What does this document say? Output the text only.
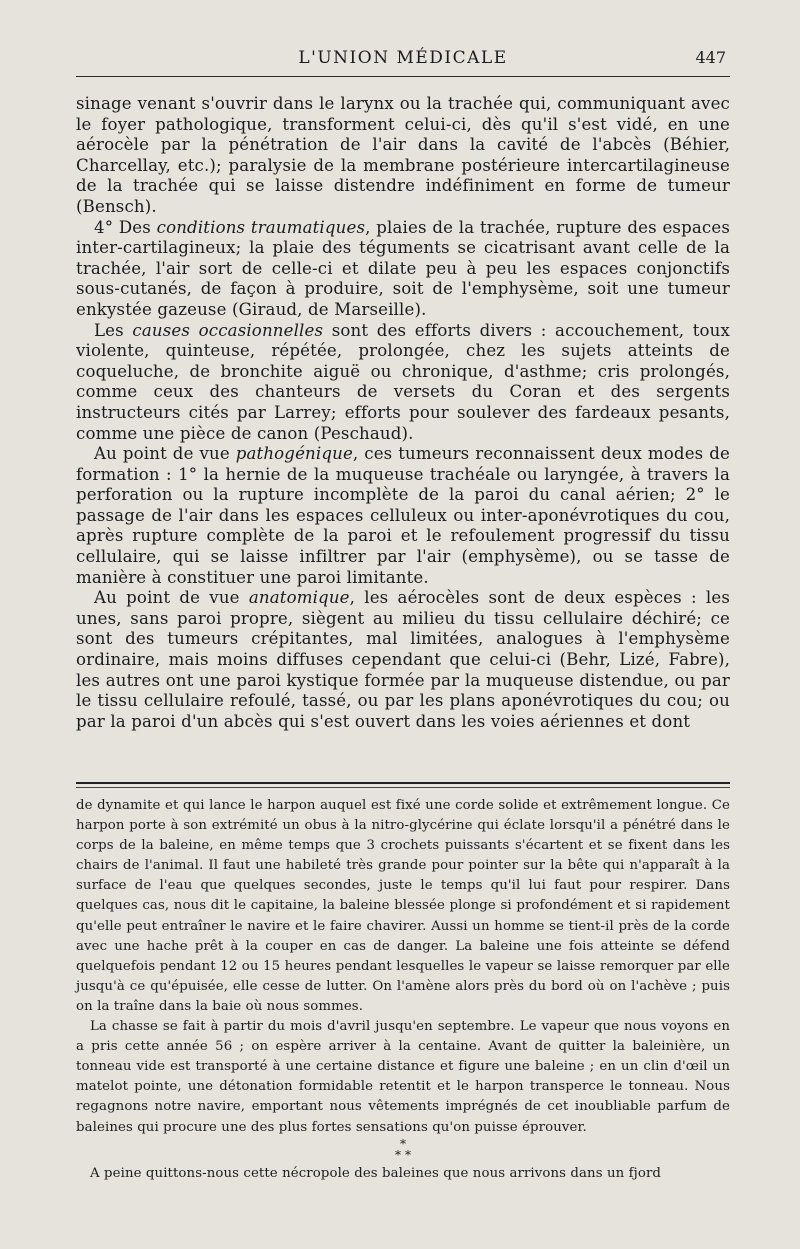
L'UNION MÉDICALE	447

sinage venant s'ouvrir dans le larynx ou la trachée qui, communiquant avec le foyer pathologique, transforment celui-ci, dès qu'il s'est vidé, en une aérocèle par la pénétration de l'air dans la cavité de l'abcès (Béhier, Charcellay, etc.); paralysie de la membrane postérieure intercartilagineuse de la trachée qui se laisse distendre indéfiniment en forme de tumeur (Bensch).

4° Des conditions traumatiques, plaies de la trachée, rupture des espaces inter-cartilagineux; la plaie des téguments se cicatrisant avant celle de la trachée, l'air sort de celle-ci et dilate peu à peu les espaces conjonctifs sous-cutanés, de façon à produire, soit de l'emphysème, soit une tumeur enkystée gazeuse (Giraud, de Marseille).

Les causes occasionnelles sont des efforts divers : accouchement, toux violente, quinteuse, répétée, prolongée, chez les sujets atteints de coqueluche, de bronchite aiguë ou chronique, d'asthme; cris prolongés, comme ceux des chanteurs de versets du Coran et des sergents instructeurs cités par Larrey; efforts pour soulever des fardeaux pesants, comme une pièce de canon (Peschaud).

Au point de vue pathogénique, ces tumeurs reconnaissent deux modes de formation : 1° la hernie de la muqueuse trachéale ou laryngée, à travers la perforation ou la rupture incomplète de la paroi du canal aérien; 2° le passage de l'air dans les espaces celluleux ou inter-aponévrotiques du cou, après rupture complète de la paroi et le refoulement progressif du tissu cellulaire, qui se laisse infiltrer par l'air (emphysème), ou se tasse de manière à constituer une paroi limitante.

Au point de vue anatomique, les aérocèles sont de deux espèces : les unes, sans paroi propre, siègent au milieu du tissu cellulaire déchiré; ce sont des tumeurs crépitantes, mal limitées, analogues à l'emphysème ordinaire, mais moins diffuses cependant que celui-ci (Behr, Lizé, Fabre), les autres ont une paroi kystique formée par la muqueuse distendue, ou par le tissu cellulaire refoulé, tassé, ou par les plans aponévrotiques du cou; ou par la paroi d'un abcès qui s'est ouvert dans les voies aériennes et dont

de dynamite et qui lance le harpon auquel est fixé une corde solide et extrêmement longue. Ce harpon porte à son extrémité un obus à la nitro-glycérine qui éclate lorsqu'il a pénétré dans le corps de la baleine, en même temps que 3 crochets puissants s'écartent et se fixent dans les chairs de l'animal. Il faut une habileté très grande pour pointer sur la bête qui n'apparaît à la surface de l'eau que quelques secondes, juste le temps qu'il lui faut pour respirer. Dans quelques cas, nous dit le capitaine, la baleine blessée plonge si profondément et si rapidement qu'elle peut entraîner le navire et le faire chavirer. Aussi un homme se tient-il près de la corde avec une hache prêt à la couper en cas de danger. La baleine une fois atteinte se défend quelquefois pendant 12 ou 15 heures pendant lesquelles le vapeur se laisse remorquer par elle jusqu'à ce qu'épuisée, elle cesse de lutter. On l'amène alors près du bord où on l'achève ; puis on la traîne dans la baie où nous sommes.

La chasse se fait à partir du mois d'avril jusqu'en septembre. Le vapeur que nous voyons en a pris cette année 56 ; on espère arriver à la centaine. Avant de quitter la baleinière, un tonneau vide est transporté à une certaine distance et figure une baleine ; en un clin d'œil un matelot pointe, une détonation formidable retentit et le harpon transperce le tonneau. Nous regagnons notre navire, emportant nous vêtements imprégnés de cet inoubliable parfum de baleines qui procure une des plus fortes sensations qu'on puisse éprouver.

*
* *

A peine quittons-nous cette nécropole des baleines que nous arrivons dans un fjord
